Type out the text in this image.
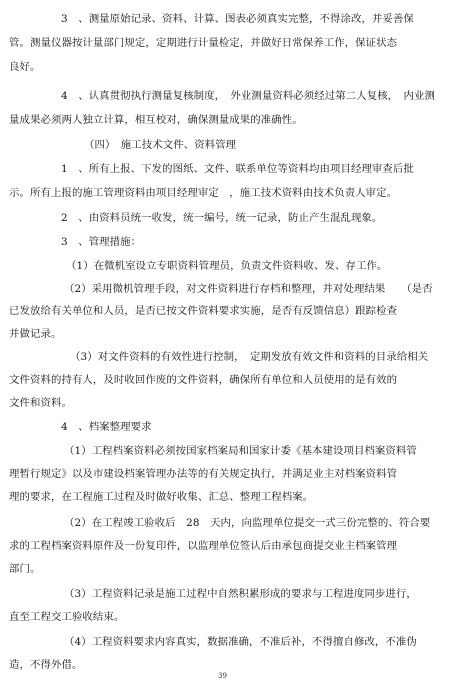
3　、测量原始记录、资料、计算、图表必须真实完整，不得涂改，并妥善保
管。测量仪器按计量部门规定，定期进行计量检定，并做好日常保养工作，保证状态
良好。
4　、认真贯彻执行测量复核制度，　外业测量资料必须经过第二人复核，　内业测
量成果必须两人独立计算，相互校对，确保测量成果的准确性。
（四）　施工技术文件、资料管理
1　、所有上报、下发的图纸、文件、联系单位等资料均由项目经理审查后批
示。所有上报的施工管理资料由项目经理审定　，施工技术资料由技术负责人审定。
2　、由资料员统一收发，统一编号，统一记录，防止产生混乱现象。
3　、管理措施：
（1）在微机室设立专职资料管理员，负责文件资料收、发、存工作。
（2）采用微机管理手段，对文件资料进行存档和整理，并对处理结果　　（是否
已发放给有关单位和人员，是否已按文件资料要求实施，是否有反馈信息）跟踪检查
并做记录。
（3）对文件资料的有效性进行控制，　定期发放有效文件和资料的目录给相关
文件资料的持有人，及时收回作废的文件资料，确保所有单位和人员使用的是有效的
文件和资料。
4　、档案整理要求
（1）工程档案资料必须按国家档案局和国家计委《基本建设项目档案资料管
理暂行规定》以及市建设档案管理办法等的有关规定执行，并满足业主对档案资料管
理的要求，在工程施工过程及时做好收集、汇总、整理工程档案。
（2）在工程竣工验收后　28　天内，向监理单位提交一式三份完整的、符合要
求的工程档案资料原件及一份复印件，以监理单位签认后由承包商提交业主档案管理
部门。
（3）工程资料记录是施工过程中自然积累形成的要求与工程进度同步进行，
直至工程交工验收结束。
（4）工程资料要求内容真实，数据准确，不准后补，不得擅自修改，不准伪
造，不得外借。
39
